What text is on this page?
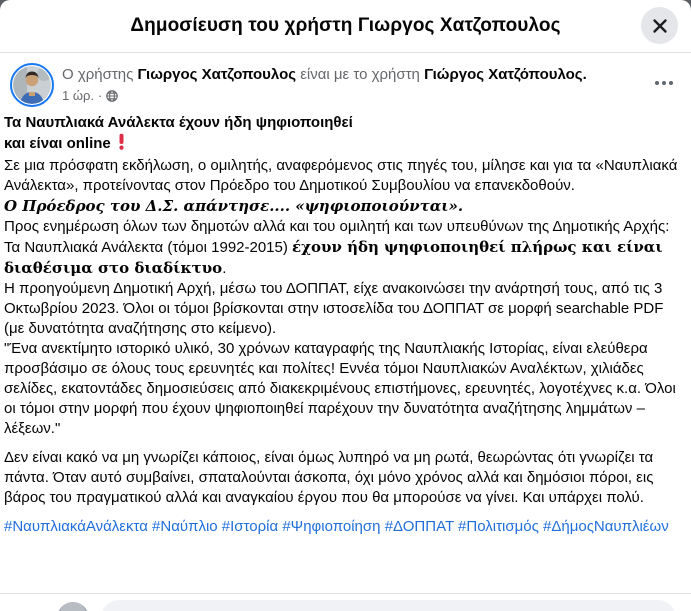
Δημοσίευση του χρήστη Γιωργος Χατζοπουλος
Ο χρήστης Γιωργος Χατζοπουλος είναι με το χρήστη Γιώργος Χατζόπουλος.
1 ώρ. ·
Τα Ναυπλιακά Ανάλεκτα έχουν ήδη ψηφιοποιηθεί
και είναι online
Σε μια πρόσφατη εκδήλωση, ο ομιλητής, αναφερόμενος στις πηγές του, μίλησε και για τα «Ναυπλιακά Ανάλεκτα», προτείνοντας στον Πρόεδρο του Δημοτικού Συμβουλίου να επανεκδοθούν.
Ο Πρόεδρος του Δ.Σ. απάντησε.... «ψηφιοποιούνται».
Προς ενημέρωση όλων των δημοτών αλλά και του ομιλητή και των υπευθύνων της Δημοτικής Αρχής:
Τα Ναυπλιακά Ανάλεκτα (τόμοι 1992-2015) έχουν ήδη ψηφιοποιηθεί πλήρως και είναι διαθέσιμα στο διαδίκτυο.
Η προηγούμενη Δημοτική Αρχή, μέσω του ΔΟΠΠΑΤ, είχε ανακοινώσει την ανάρτησή τους, από τις 3 Οκτωβρίου 2023. Όλοι οι τόμοι βρίσκονται στην ιστοσελίδα του ΔΟΠΠΑΤ σε μορφή searchable PDF (με δυνατότητα αναζήτησης στο κείμενο).
"Ένα ανεκτίμητο ιστορικό υλικό, 30 χρόνων καταγραφής της Ναυπλιακής Ιστορίας, είναι ελεύθερα προσβάσιμο σε όλους τους ερευνητές και πολίτες! Εννέα τόμοι Ναυπλιακών Αναλέκτων, χιλιάδες σελίδες, εκατοντάδες δημοσιεύσεις από διακεκριμένους επιστήμονες, ερευνητές, λογοτέχνες κ.α. Όλοι οι τόμοι στην μορφή που έχουν ψηφιοποιηθεί παρέχουν την δυνατότητα αναζήτησης λημμάτων – λέξεων."
Δεν είναι κακό να μη γνωρίζει κάποιος, είναι όμως λυπηρό να μη ρωτά, θεωρώντας ότι γνωρίζει τα πάντα. Όταν αυτό συμβαίνει, σπαταλούνται άσκοπα, όχι μόνο χρόνος αλλά και δημόσιοι πόροι, εις βάρος του πραγματικού αλλά και αναγκαίου έργου που θα μπορούσε να γίνει. Και υπάρχει πολύ.
#ΝαυπλιακάΑνάλεκτα #Ναύπλιο #Ιστορία #Ψηφιοποίηση #ΔΟΠΠΑΤ #Πολιτισμός #ΔήμοςΝαυπλιέων
